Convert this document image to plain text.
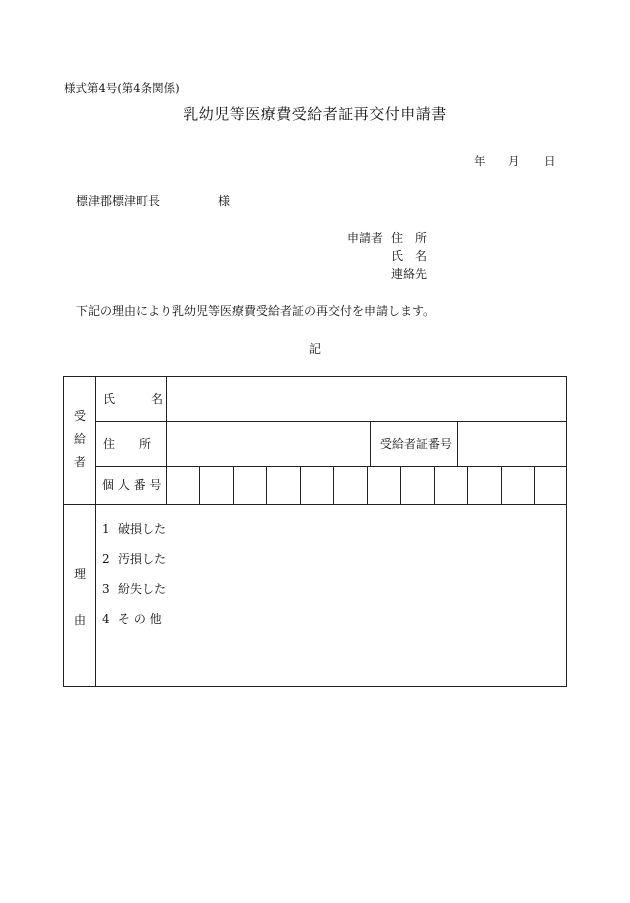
様式第4号(第4条関係)
乳幼児等医療費受給者証再交付申請書
年 月 日
標津郡標津町長	様
申請者 住　所
氏　名
連絡先
下記の理由により乳幼児等医療費受給者証の再交付を申請します。
記
受
給
者
氏　　　名
住　　所	受給者証番号
個 人 番 号
理
由
1 破損した
2 汚損した
3 紛失した
4 そ の 他
